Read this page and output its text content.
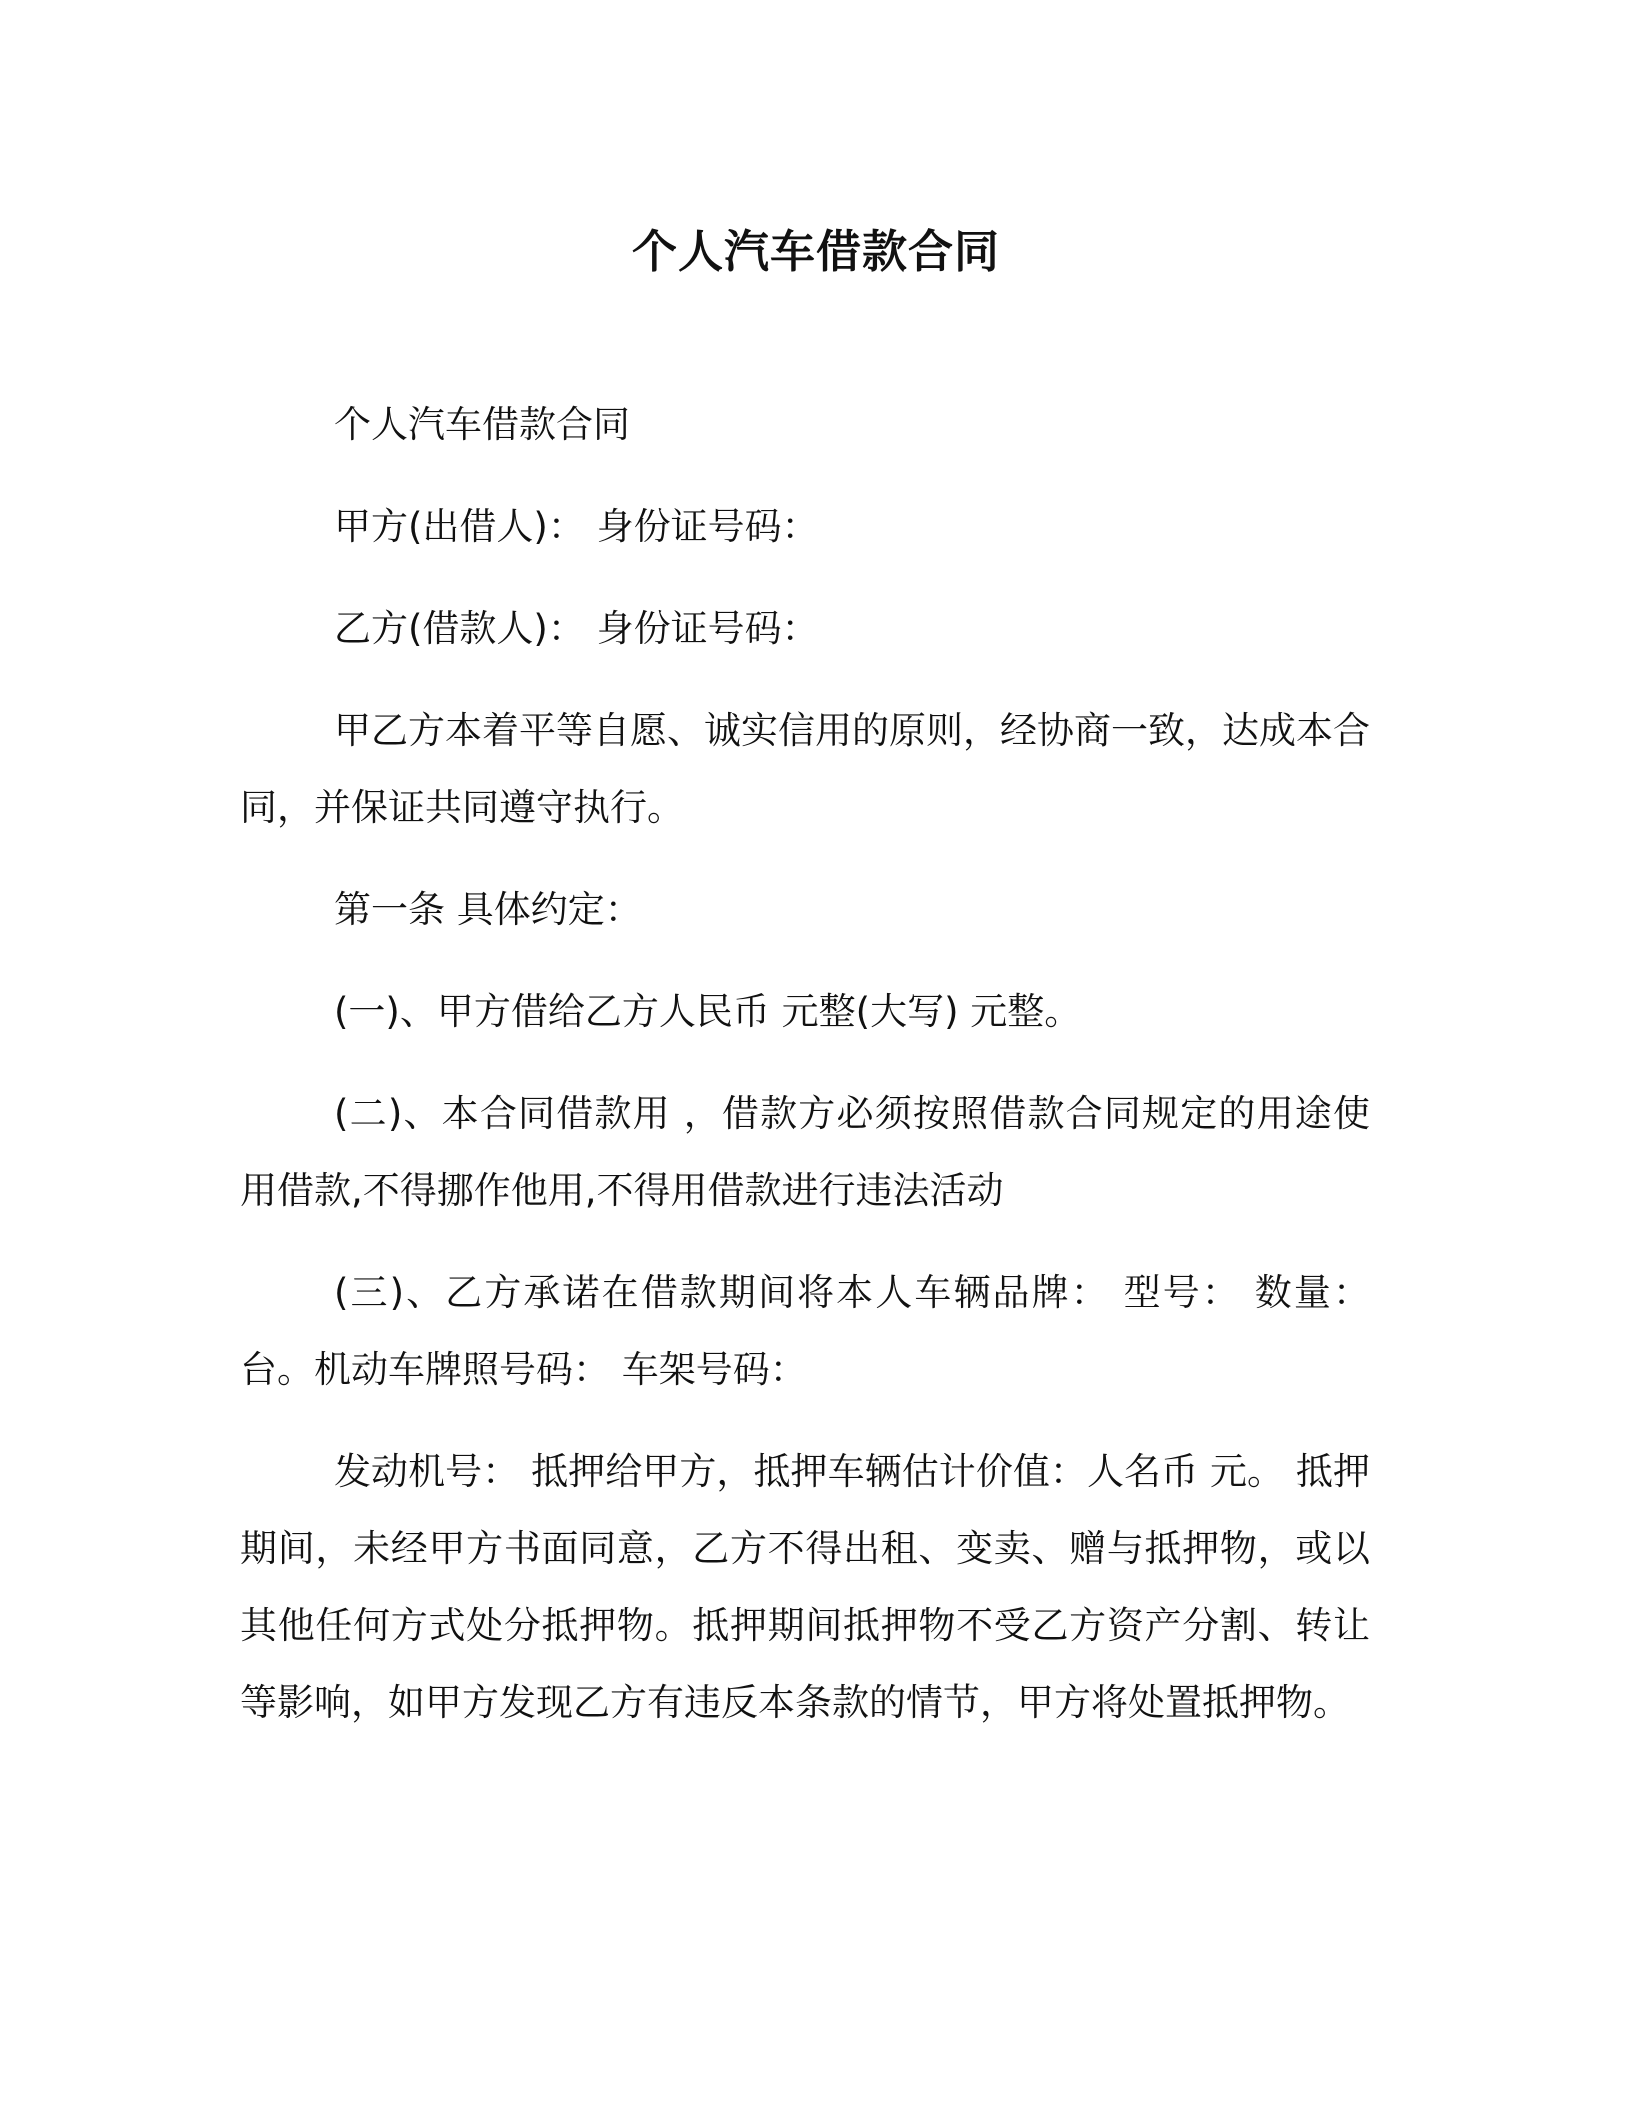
个人汽车借款合同

个人汽车借款合同

甲方(出借人)： 身份证号码：

乙方(借款人)： 身份证号码：

甲乙方本着平等自愿、诚实信用的原则，经协商一致，达成本合同，并保证共同遵守执行。

第一条 具体约定：

(一)、甲方借给乙方人民币 元整(大写) 元整。

(二)、本合同借款用 ，借款方必须按照借款合同规定的用途使用借款,不得挪作他用,不得用借款进行违法活动

(三)、乙方承诺在借款期间将本人车辆品牌： 型号： 数量： 台。机动车牌照号码： 车架号码：

发动机号： 抵押给甲方，抵押车辆估计价值：人名币 元。 抵押期间，未经甲方书面同意，乙方不得出租、变卖、赠与抵押物，或以其他任何方式处分抵押物。抵押期间抵押物不受乙方资产分割、转让等影响，如甲方发现乙方有违反本条款的情节，甲方将处置抵押物。
